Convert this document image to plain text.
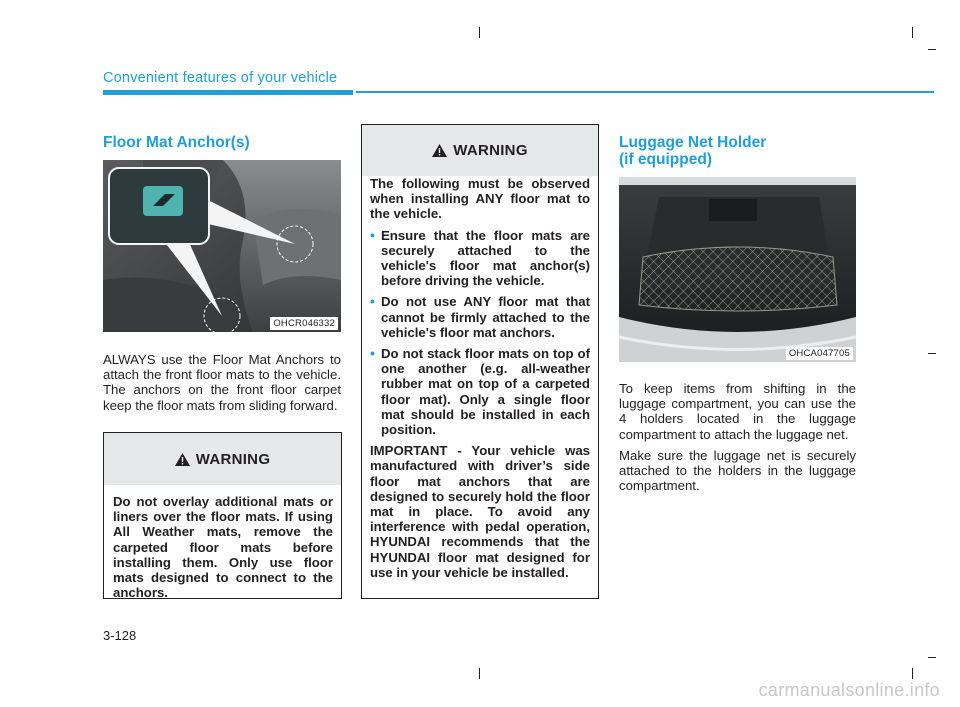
Convenient features of your vehicle
Floor Mat Anchor(s)
OHCR046332

ALWAYS use the Floor Mat Anchors to attach the front floor mats to the vehicle. The anchors on the front floor carpet keep the floor mats from sliding forward.

WARNING

Do not overlay additional mats or liners over the floor mats. If using All Weather mats, remove the carpeted floor mats before installing them. Only use floor mats designed to connect to the anchors.

WARNING

The following must be observed when installing ANY floor mat to the vehicle.

• Ensure that the floor mats are securely attached to the vehicle's floor mat anchor(s) before driving the vehicle.
• Do not use ANY floor mat that cannot be firmly attached to the vehicle's floor mat anchors.
• Do not stack floor mats on top of one another (e.g. all-weather rubber mat on top of a carpeted floor mat). Only a single floor mat should be installed in each position.

IMPORTANT - Your vehicle was manufactured with driver’s side floor mat anchors that are designed to securely hold the floor mat in place. To avoid any interference with pedal operation, HYUNDAI recommends that the HYUNDAI floor mat designed for use in your vehicle be installed.

Luggage Net Holder
(if equipped)
OHCA047705

To keep items from shifting in the luggage compartment, you can use the 4 holders located in the luggage compartment to attach the luggage net.

Make sure the luggage net is securely attached to the holders in the luggage compartment.

3-128
carmanualsonline.info
